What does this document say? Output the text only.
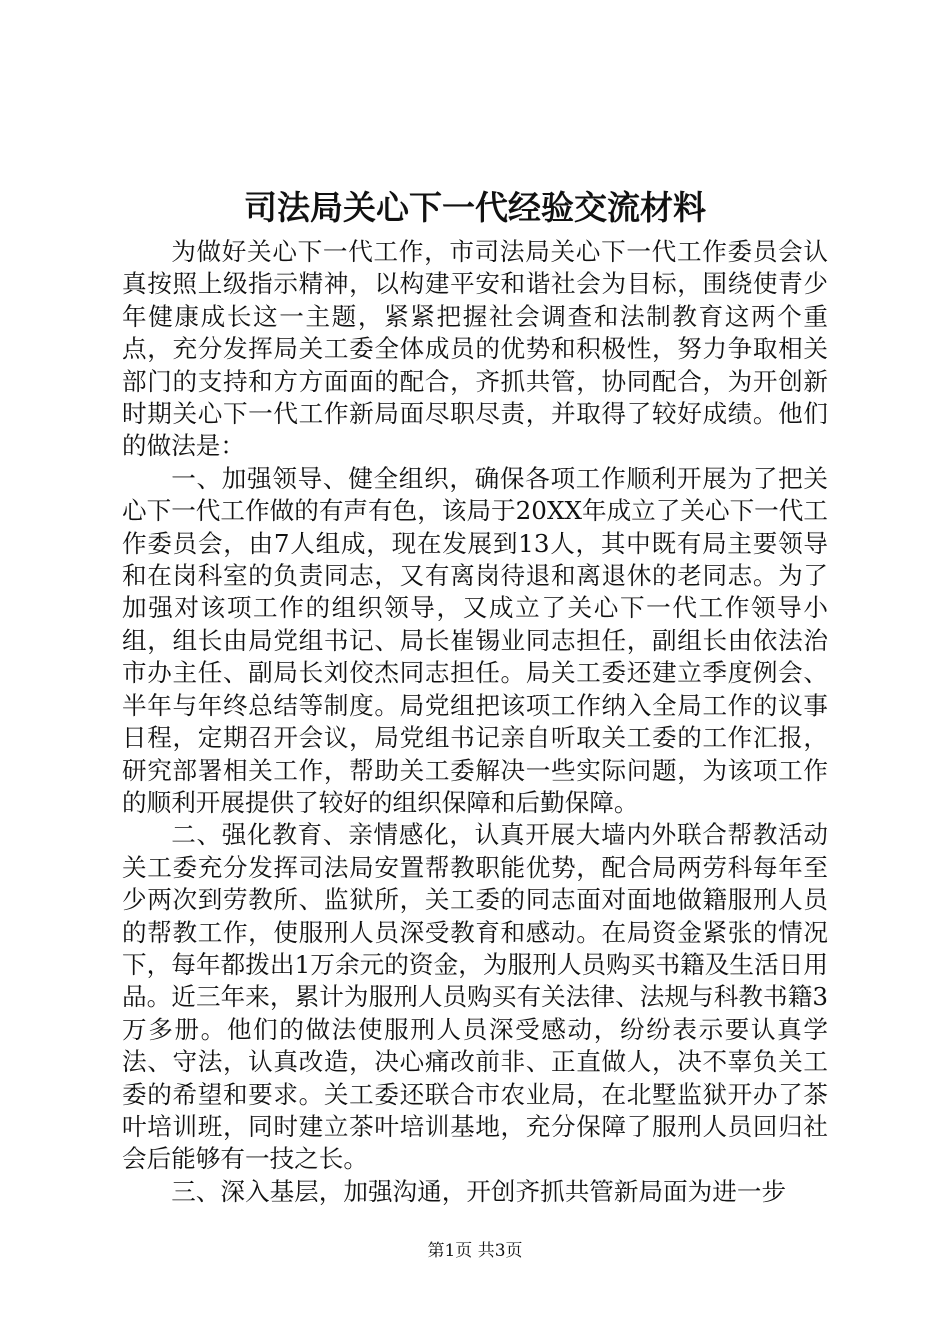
司法局关心下一代经验交流材料

为做好关心下一代工作，市司法局关心下一代工作委员会认真按照上级指示精神，以构建平安和谐社会为目标，围绕使青少年健康成长这一主题，紧紧把握社会调查和法制教育这两个重点，充分发挥局关工委全体成员的优势和积极性，努力争取相关部门的支持和方方面面的配合，齐抓共管，协同配合，为开创新时期关心下一代工作新局面尽职尽责，并取得了较好成绩。他们的做法是：

一、加强领导、健全组织，确保各项工作顺利开展为了把关心下一代工作做的有声有色，该局于20XX年成立了关心下一代工作委员会，由7人组成，现在发展到13人，其中既有局主要领导和在岗科室的负责同志，又有离岗待退和离退休的老同志。为了加强对该项工作的组织领导，又成立了关心下一代工作领导小组，组长由局党组书记、局长崔锡业同志担任，副组长由依法治市办主任、副局长刘佼杰同志担任。局关工委还建立季度例会、半年与年终总结等制度。局党组把该项工作纳入全局工作的议事日程，定期召开会议，局党组书记亲自听取关工委的工作汇报，研究部署相关工作，帮助关工委解决一些实际问题，为该项工作的顺利开展提供了较好的组织保障和后勤保障。

二、强化教育、亲情感化，认真开展大墙内外联合帮教活动关工委充分发挥司法局安置帮教职能优势，配合局两劳科每年至少两次到劳教所、监狱所，关工委的同志面对面地做籍服刑人员的帮教工作，使服刑人员深受教育和感动。在局资金紧张的情况下，每年都拨出1万余元的资金，为服刑人员购买书籍及生活日用品。近三年来，累计为服刑人员购买有关法律、法规与科教书籍3万多册。他们的做法使服刑人员深受感动，纷纷表示要认真学法、守法，认真改造，决心痛改前非、正直做人，决不辜负关工委的希望和要求。关工委还联合市农业局，在北墅监狱开办了茶叶培训班，同时建立茶叶培训基地，充分保障了服刑人员回归社会后能够有一技之长。

三、深入基层，加强沟通，开创齐抓共管新局面为进一步

第1页 共3页
